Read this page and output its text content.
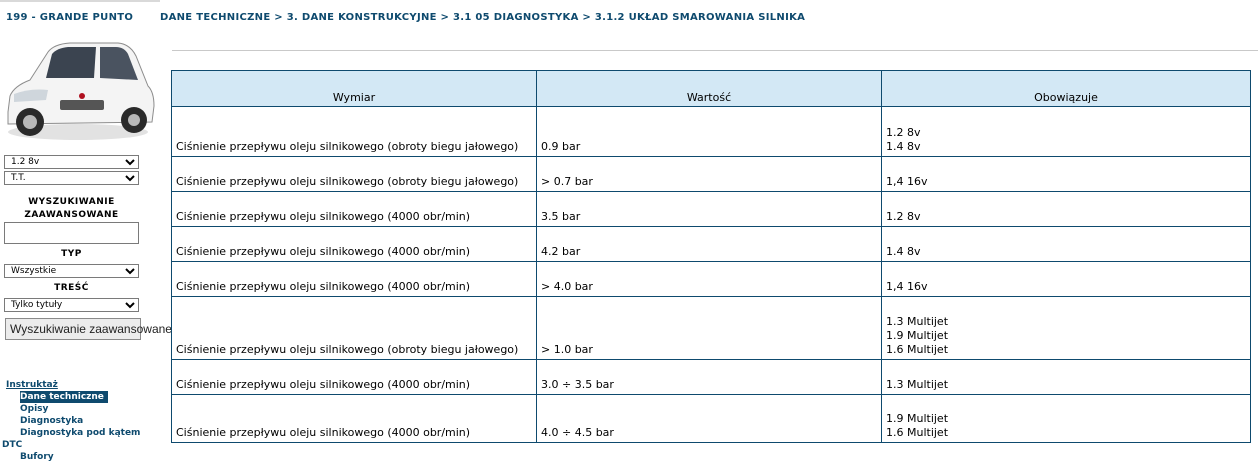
199 - GRANDE PUNTO	DANE TECHNICZNE > 3. DANE KONSTRUKCYJNE > 3.1 05 DIAGNOSTYKA > 3.1.2 UKŁAD SMAROWANIA SILNIKA
1.2 8v
T.T.
WYSZUKIWANIE ZAAWANSOWANE
TYP
Wszystkie
TREŚĆ
Tylko tytuły
Wyszukiwanie zaawansowane
Instruktaż
Dane techniczne
Opisy
Diagnostyka
Diagnostyka pod kątem
DTC
Bufory
Wymiar	Wartość	Obowiązuje
Ciśnienie przepływu oleju silnikowego (obroty biegu jałowego)	0.9 bar	1.2 8v
1.4 8v

Ciśnienie przepływu oleju silnikowego (obroty biegu jałowego)	> 0.7 bar	1,4 16v

Ciśnienie przepływu oleju silnikowego (4000 obr/min)	3.5 bar	1.2 8v

Ciśnienie przepływu oleju silnikowego (4000 obr/min)	4.2 bar	1.4 8v

Ciśnienie przepływu oleju silnikowego (4000 obr/min)	> 4.0 bar	1,4 16v

Ciśnienie przepływu oleju silnikowego (obroty biegu jałowego)	> 1.0 bar	1.3 Multijet
1.9 Multijet
1.6 Multijet

Ciśnienie przepływu oleju silnikowego (4000 obr/min)	3.0 ÷ 3.5 bar	1.3 Multijet

Ciśnienie przepływu oleju silnikowego (4000 obr/min)	4.0 ÷ 4.5 bar	1.9 Multijet
1.6 Multijet
